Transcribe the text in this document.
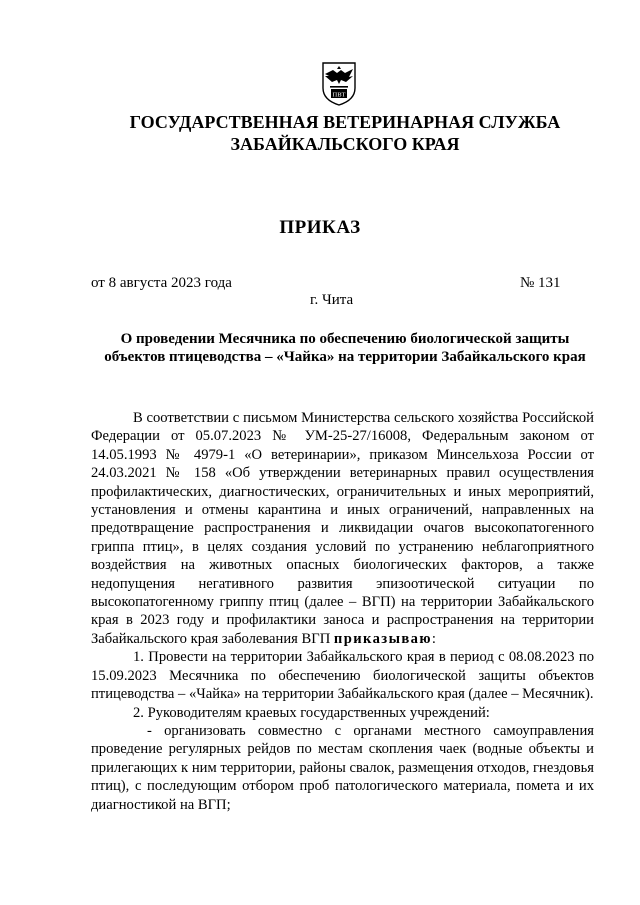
ПВТ
ГОСУДАРСТВЕННАЯ ВЕТЕРИНАРНАЯ СЛУЖБА
ЗАБАЙКАЛЬСКОГО КРАЯ
ПРИКАЗ
от 8 августа 2023 года	№ 131
г. Чита
О проведении Месячника по обеспечению биологической защиты
объектов птицеводства – «Чайка» на территории Забайкальского края

В соответствии с письмом Министерства сельского хозяйства Российской Федерации от 05.07.2023 № УМ-25-27/16008, Федеральным законом от 14.05.1993 № 4979-1 «О ветеринарии», приказом Минсельхоза России от 24.03.2021 № 158 «Об утверждении ветеринарных правил осуществления профилактических, диагностических, ограничительных и иных мероприятий, установления и отмены карантина и иных ограничений, направленных на предотвращение распространения и ликвидации очагов высокопатогенного гриппа птиц», в целях создания условий по устранению неблагоприятного воздействия на животных опасных биологических факторов, а также недопущения негативного развития эпизоотической ситуации по высокопатогенному гриппу птиц (далее – ВГП) на территории Забайкальского края в 2023 году и профилактики заноса и распространения на территории Забайкальского края заболевания ВГП приказываю:

1. Провести на территории Забайкальского края в период с 08.08.2023 по 15.09.2023 Месячника по обеспечению биологической защиты объектов птицеводства – «Чайка» на территории Забайкальского края (далее – Месячник).

2. Руководителям краевых государственных учреждений:

- организовать совместно с органами местного самоуправления проведение регулярных рейдов по местам скопления чаек (водные объекты и прилегающих к ним территории, районы свалок, размещения отходов, гнездовья птиц), с последующим отбором проб патологического материала, помета и их диагностикой на ВГП;
